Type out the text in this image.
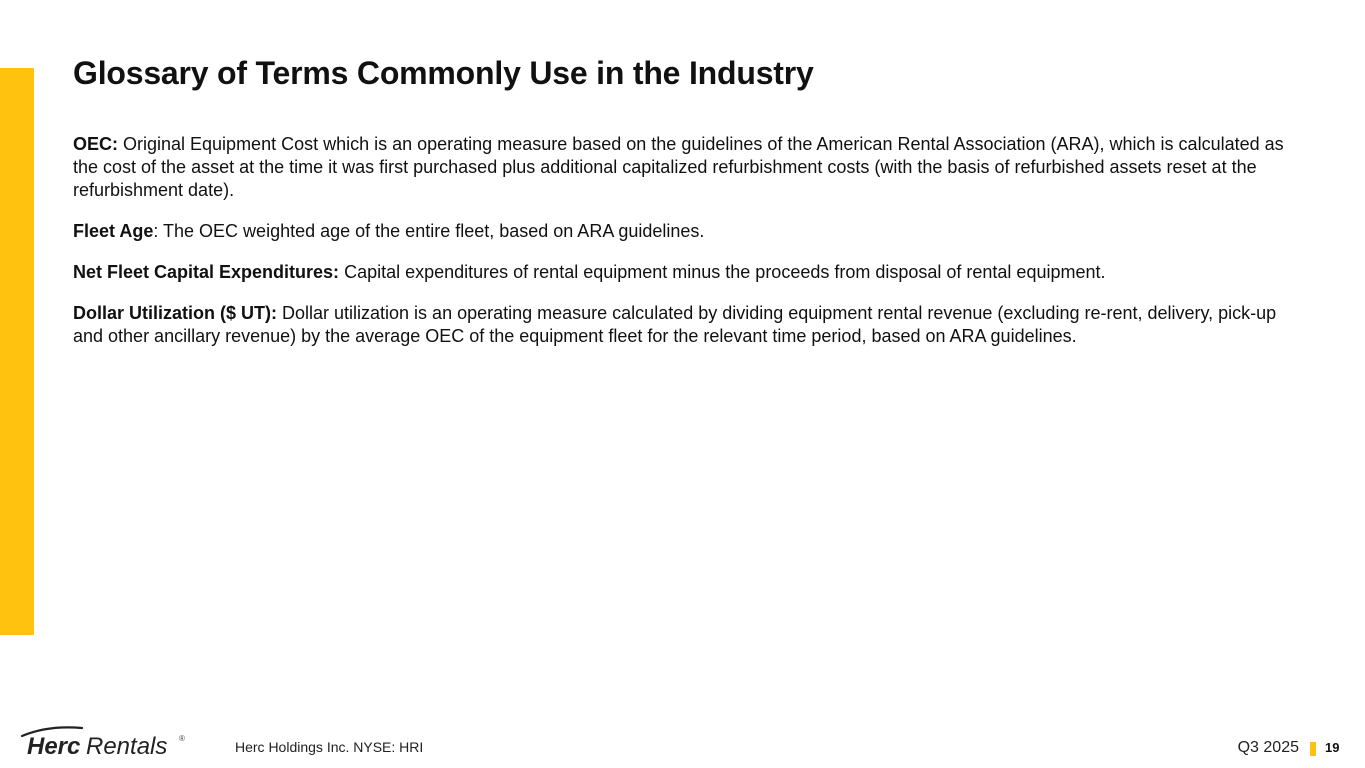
Glossary of Terms Commonly Use in the Industry

OEC: Original Equipment Cost which is an operating measure based on the guidelines of the American Rental Association (ARA), which is calculated as the cost of the asset at the time it was first purchased plus additional capitalized refurbishment costs (with the basis of refurbished assets reset at the refurbishment date).

Fleet Age: The OEC weighted age of the entire fleet, based on ARA guidelines.

Net Fleet Capital Expenditures: Capital expenditures of rental equipment minus the proceeds from disposal of rental equipment.

Dollar Utilization ($ UT): Dollar utilization is an operating measure calculated by dividing equipment rental revenue (excluding re-rent, delivery, pick-up and other ancillary revenue) by the average OEC of the equipment fleet for the relevant time period, based on ARA guidelines.

Herc Rentals ®
Herc Holdings Inc. NYSE: HRI	Q3 2025 19
